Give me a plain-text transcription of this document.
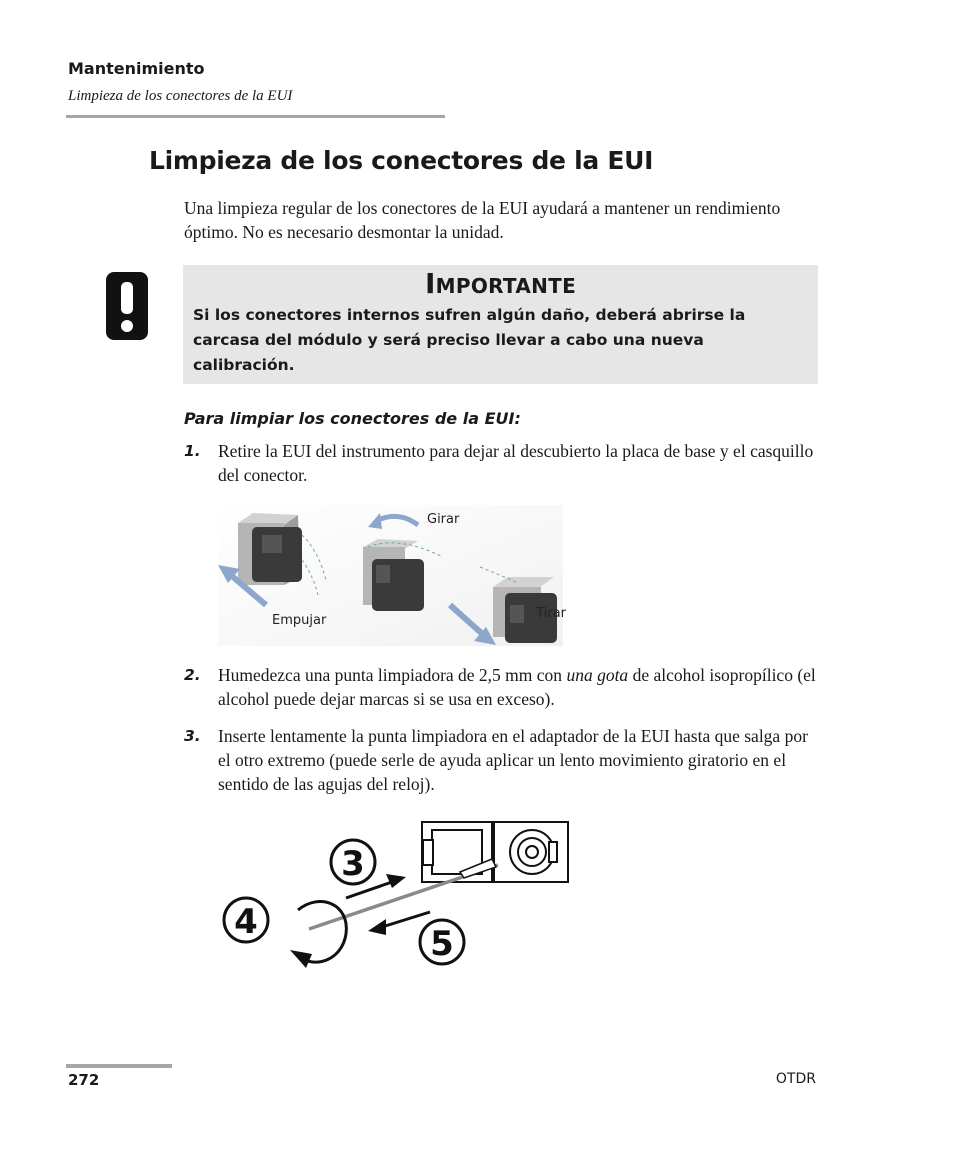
Mantenimiento
Limpieza de los conectores de la EUI
Limpieza de los conectores de la EUI
Una limpieza regular de los conectores de la EUI ayudará a mantener un rendimiento óptimo. No es necesario desmontar la unidad.
Importante
Si los conectores internos sufren algún daño, deberá abrirse la carcasa del módulo y será preciso llevar a cabo una nueva calibración.
Para limpiar los conectores de la EUI:
1. Retire la EUI del instrumento para dejar al descubierto la placa de base y el casquillo del conector.
Empujar
Girar
Tirar
2. Humedezca una punta limpiadora de 2,5 mm con una gota de alcohol isopropílico (el alcohol puede dejar marcas si se usa en exceso).
3. Inserte lentamente la punta limpiadora en el adaptador de la EUI hasta que salga por el otro extremo (puede serle de ayuda aplicar un lento movimiento giratorio en el sentido de las agujas del reloj).
3
4
5
272	OTDR
